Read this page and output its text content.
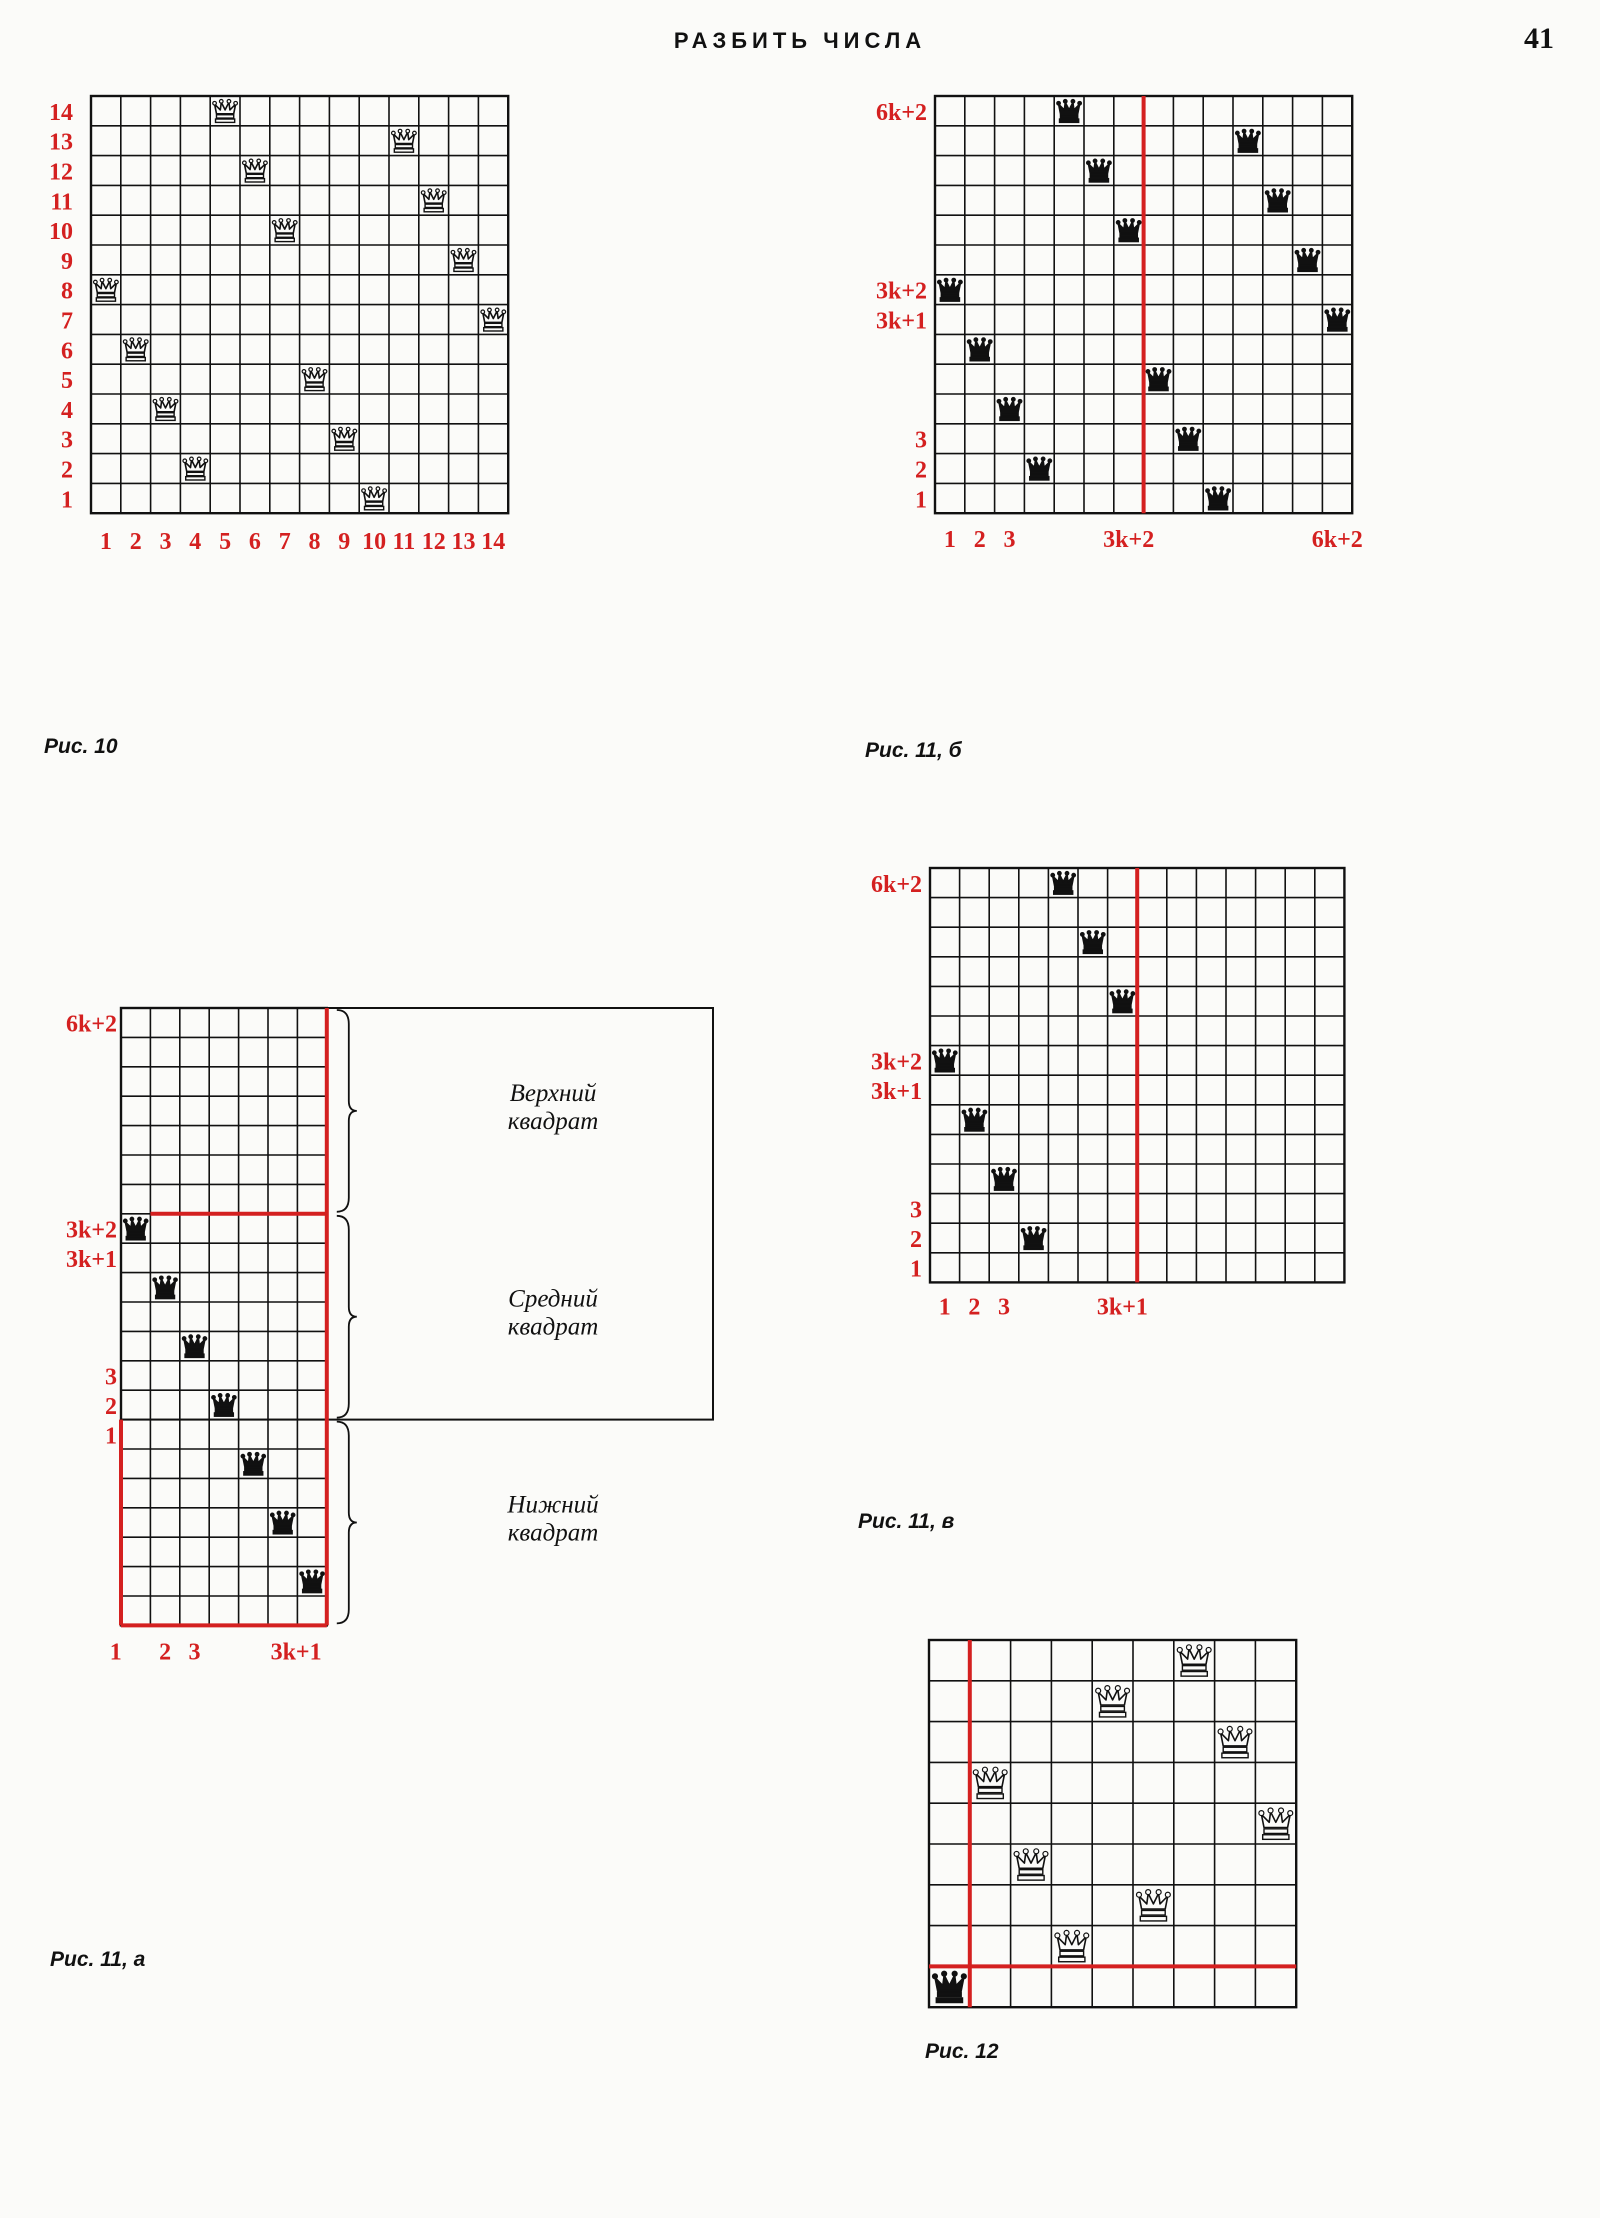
РАЗБИТЬ ЧИСЛА	41
14
13
12
11
10
9
8
7
6
5
4
3
2
1
1 2 3 4 5 6 7 8 9 10 11 12 13 14
Рис. 10
6k+2
3k+2
3k+1
3
2
1
1 2 3	3k+2	6k+2
Рис. 11, б
6k+2
3k+2
3k+1
3
2
1
1 2 3	3k+1
Верхний
квадрат
Средний
квадрат
Нижний
квадрат
Рис. 11, а
6k+2
3k+2
3k+1
3
2
1
1 2 3	3k+1
Рис. 11, в
Рис. 12
